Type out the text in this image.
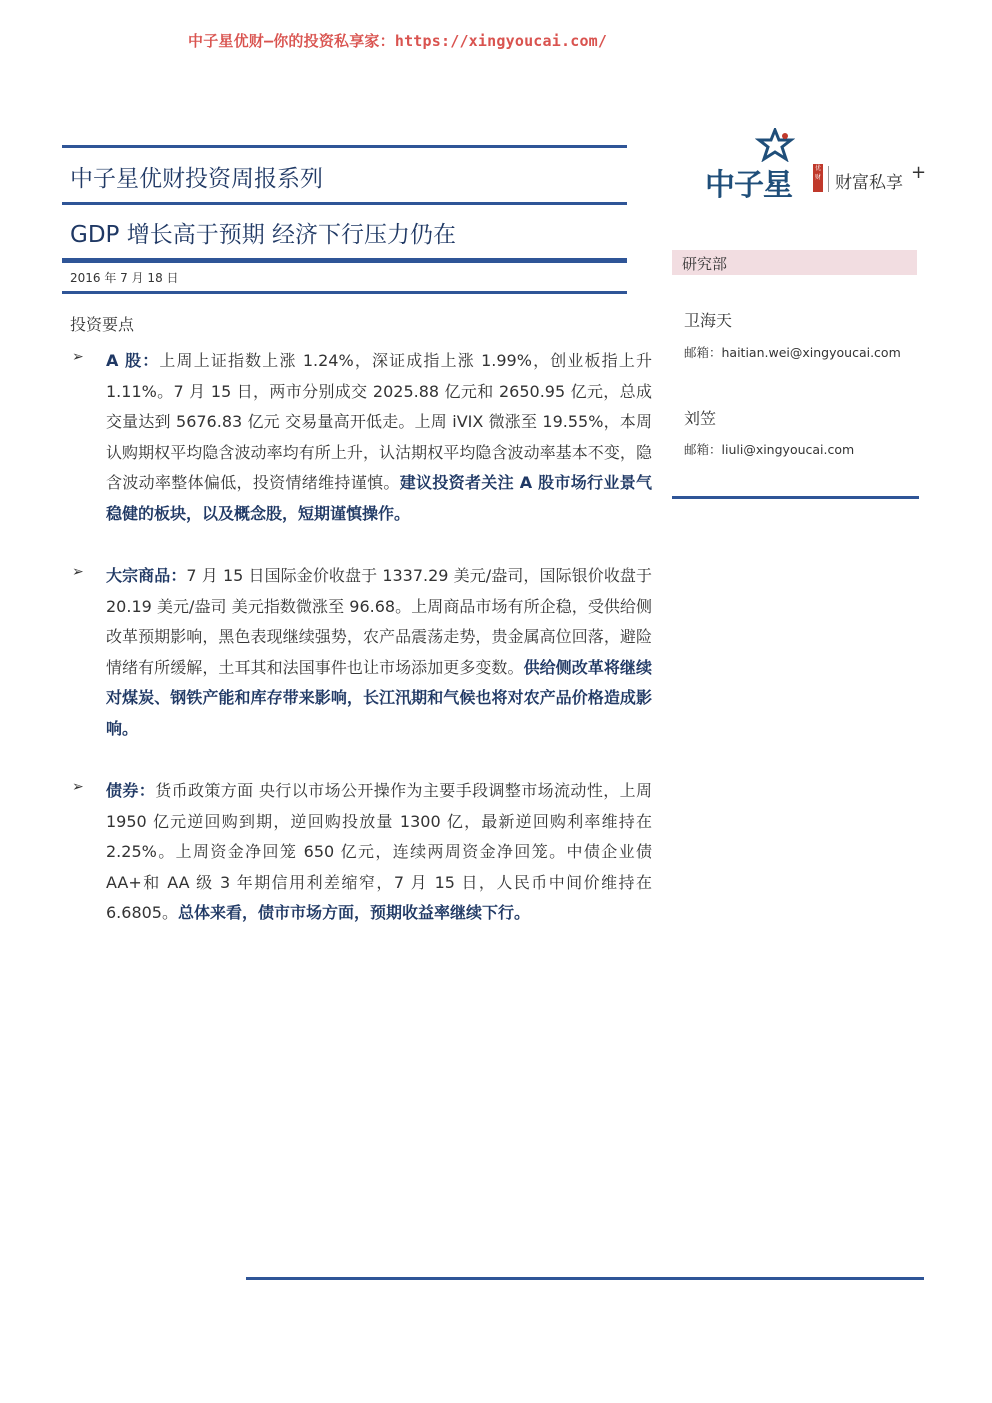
中子星优财—你的投资私享家：https://xingyoucai.com/
中子星优财投资周报系列
GDP 增长高于预期 经济下行压力仍在
2016 年 7 月 18 日
投资要点
➢ A 股：上周上证指数上涨 1.24%，深证成指上涨 1.99%，创业板指上升 1.11%。7 月 15 日，两市分别成交 2025.88 亿元和 2650.95 亿元，总成交量达到 5676.83 亿元 交易量高开低走。上周 iVIX 微涨至 19.55%，本周认购期权平均隐含波动率均有所上升，认沽期权平均隐含波动率基本不变，隐含波动率整体偏低，投资情绪维持谨慎。建议投资者关注 A 股市场行业景气稳健的板块，以及概念股，短期谨慎操作。
➢ 大宗商品：7 月 15 日国际金价收盘于 1337.29 美元/盎司，国际银价收盘于 20.19 美元/盎司 美元指数微涨至 96.68。上周商品市场有所企稳，受供给侧改革预期影响，黑色表现继续强势，农产品震荡走势，贵金属高位回落，避险情绪有所缓解，土耳其和法国事件也让市场添加更多变数。供给侧改革将继续对煤炭、钢铁产能和库存带来影响，长江汛期和气候也将对农产品价格造成影响。
➢ 债券：货币政策方面 央行以市场公开操作为主要手段调整市场流动性，上周 1950 亿元逆回购到期，逆回购投放量 1300 亿，最新逆回购利率维持在 2.25%。上周资金净回笼 650 亿元，连续两周资金净回笼。中债企业债 AA+和 AA 级 3 年期信用利差缩窄，7 月 15 日，人民币中间价维持在 6.6805。总体来看，债市市场方面，预期收益率继续下行。
中子星	优财 财富私享 +
研究部
卫海天
邮箱：haitian.wei@xingyoucai.com
刘笠
邮箱：liuli@xingyoucai.com
